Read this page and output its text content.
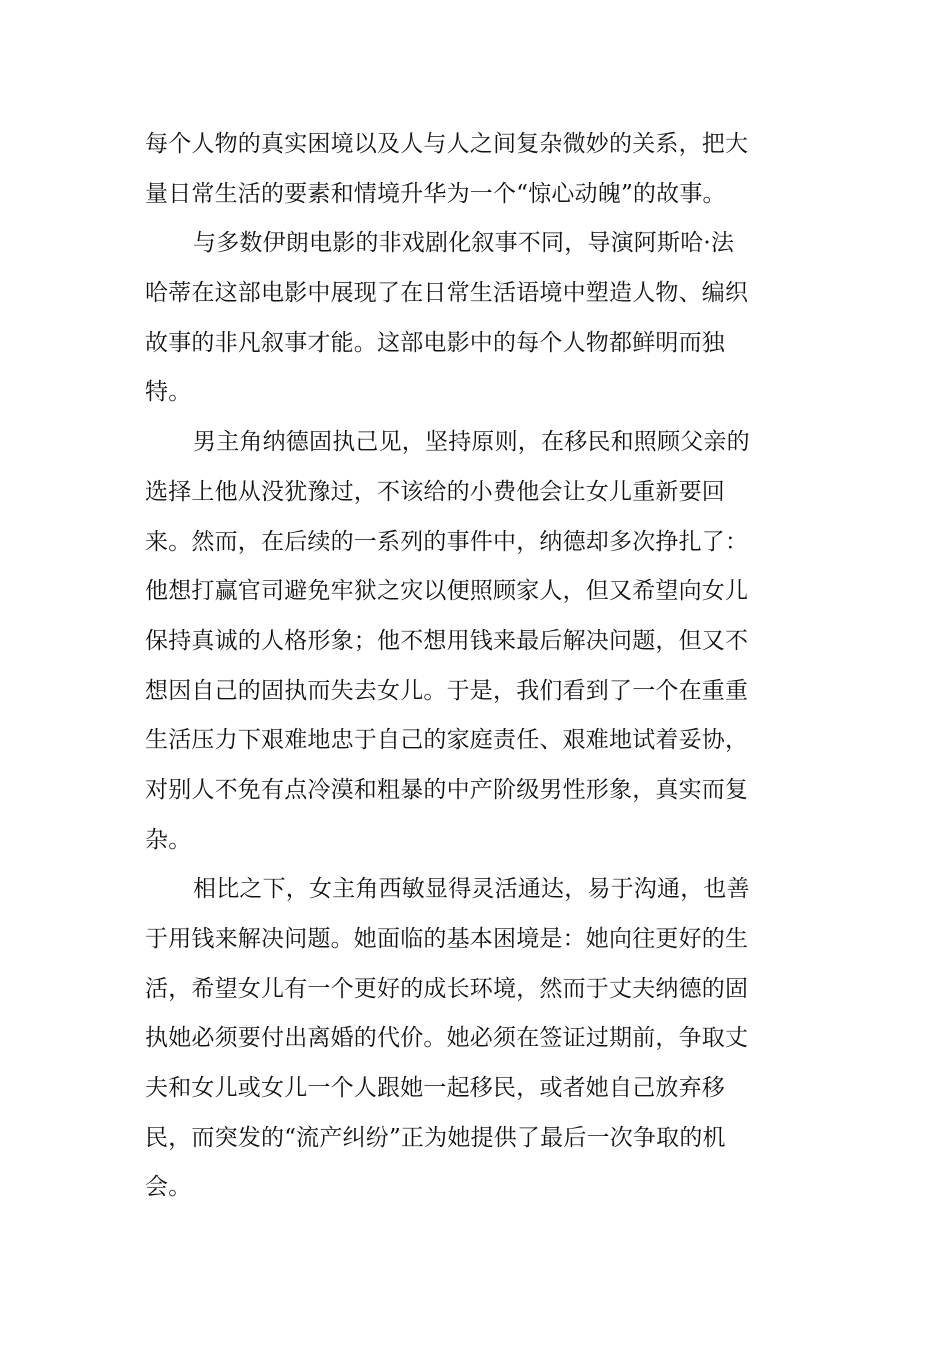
每个人物的真实困境以及人与人之间复杂微妙的关系，把大
量日常生活的要素和情境升华为一个“惊心动魄”的故事。

与多数伊朗电影的非戏剧化叙事不同，导演阿斯哈·法
哈蒂在这部电影中展现了在日常生活语境中塑造人物、编织
故事的非凡叙事才能。这部电影中的每个人物都鲜明而独
特。

男主角纳德固执己见，坚持原则，在移民和照顾父亲的
选择上他从没犹豫过，不该给的小费他会让女儿重新要回
来。然而，在后续的一系列的事件中，纳德却多次挣扎了：
他想打赢官司避免牢狱之灾以便照顾家人，但又希望向女儿
保持真诚的人格形象；他不想用钱来最后解决问题，但又不
想因自己的固执而失去女儿。于是，我们看到了一个在重重
生活压力下艰难地忠于自己的家庭责任、艰难地试着妥协，
对别人不免有点冷漠和粗暴的中产阶级男性形象，真实而复
杂。

相比之下，女主角西敏显得灵活通达，易于沟通，也善
于用钱来解决问题。她面临的基本困境是：她向往更好的生
活，希望女儿有一个更好的成长环境，然而于丈夫纳德的固
执她必须要付出离婚的代价。她必须在签证过期前，争取丈
夫和女儿或女儿一个人跟她一起移民，或者她自己放弃移
民，而突发的“流产纠纷”正为她提供了最后一次争取的机
会。
